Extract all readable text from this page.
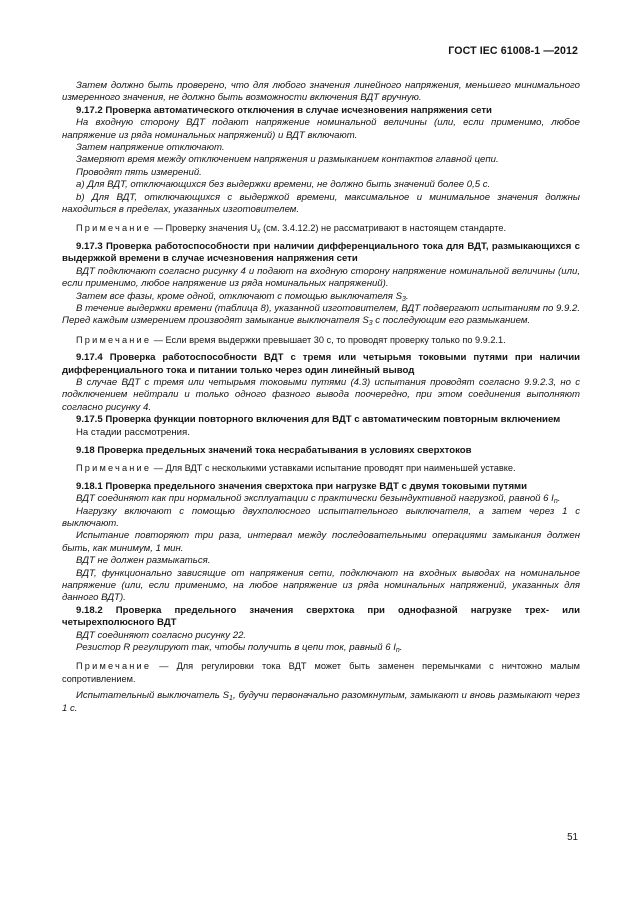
ГОСТ IEC 61008-1 —2012

Затем должно быть проверено, что для любого значения линейного напряжения, меньшего минимального измеренного значения, не должно быть возможности включения ВДТ вручную.

9.17.2 Проверка автоматического отключения в случае исчезновения напряжения сети

На входную сторону ВДТ подают напряжение номинальной величины (или, если применимо, любое напряжение из ряда номинальных напряжений) и ВДТ включают.

Затем напряжение отключают.

Замеряют время между отключением напряжения и размыканием контактов главной цепи.

Проводят пять измерений.

a) Для ВДТ, отключающихся без выдержки времени, не должно быть значений более 0,5 с.

b) Для ВДТ, отключающихся с выдержкой времени, максимальное и минимальное значения должны находиться в пределах, указанных изготовителем.

Примечание — Проверку значения $U_x$ (см. 3.4.12.2) не рассматривают в настоящем стандарте.

9.17.3 Проверка работоспособности при наличии дифференциального тока для ВДТ, размыкающихся с выдержкой времени в случае исчезновения напряжения сети

ВДТ подключают согласно рисунку 4 и подают на входную сторону напряжение номинальной величины (или, если применимо, любое напряжение из ряда номинальных напряжений).

Затем все фазы, кроме одной, отключают с помощью выключателя $S_3$.

В течение выдержки времени (таблица 8), указанной изготовителем, ВДТ подвергают испытаниям по 9.9.2. Перед каждым измерением производят замыкание выключателя $S_3$ с последующим его размыканием.

Примечание — Если время выдержки превышает 30 с, то проводят проверку только по 9.9.2.1.

9.17.4 Проверка работоспособности ВДТ с тремя или четырьмя токовыми путями при наличии дифференциального тока и питании только через один линейный вывод

В случае ВДТ с тремя или четырьмя токовыми путями (4.3) испытания проводят согласно 9.9.2.3, но с подключением нейтрали и только одного фазного вывода поочередно, при этом соединения выполняют согласно рисунку 4.

9.17.5 Проверка функции повторного включения для ВДТ с автоматическим повторным включением

На стадии рассмотрения.

9.18 Проверка предельных значений тока несрабатывания в условиях сверхтоков

Примечание — Для ВДТ с несколькими уставками испытание проводят при наименьшей уставке.

9.18.1 Проверка предельного значения сверхтока при нагрузке ВДТ с двумя токовыми путями

ВДТ соединяют как при нормальной эксплуатации с практически безындуктивной нагрузкой, равной 6 $I_n$.

Нагрузку включают с помощью двухполюсного испытательного выключателя, а затем через 1 с выключают.

Испытание повторяют три раза, интервал между последовательными операциями замыкания должен быть, как минимум, 1 мин.

ВДТ не должен размыкаться.

ВДТ, функционально зависящие от напряжения сети, подключают на входных выводах на номинальное напряжение (или, если применимо, на любое напряжение из ряда номинальных напряжений, указанных для данного ВДТ).

9.18.2 Проверка предельного значения сверхтока при однофазной нагрузке трех- или четырехполюсного ВДТ

ВДТ соединяют согласно рисунку 22.

Резистор R регулируют так, чтобы получить в цепи ток, равный 6 $I_n$.

Примечание — Для регулировки тока ВДТ может быть заменен перемычками с ничтожно малым сопротивлением.

Испытательный выключатель $S_1$, будучи первоначально разомкнутым, замыкают и вновь размыкают через 1 с.

51
